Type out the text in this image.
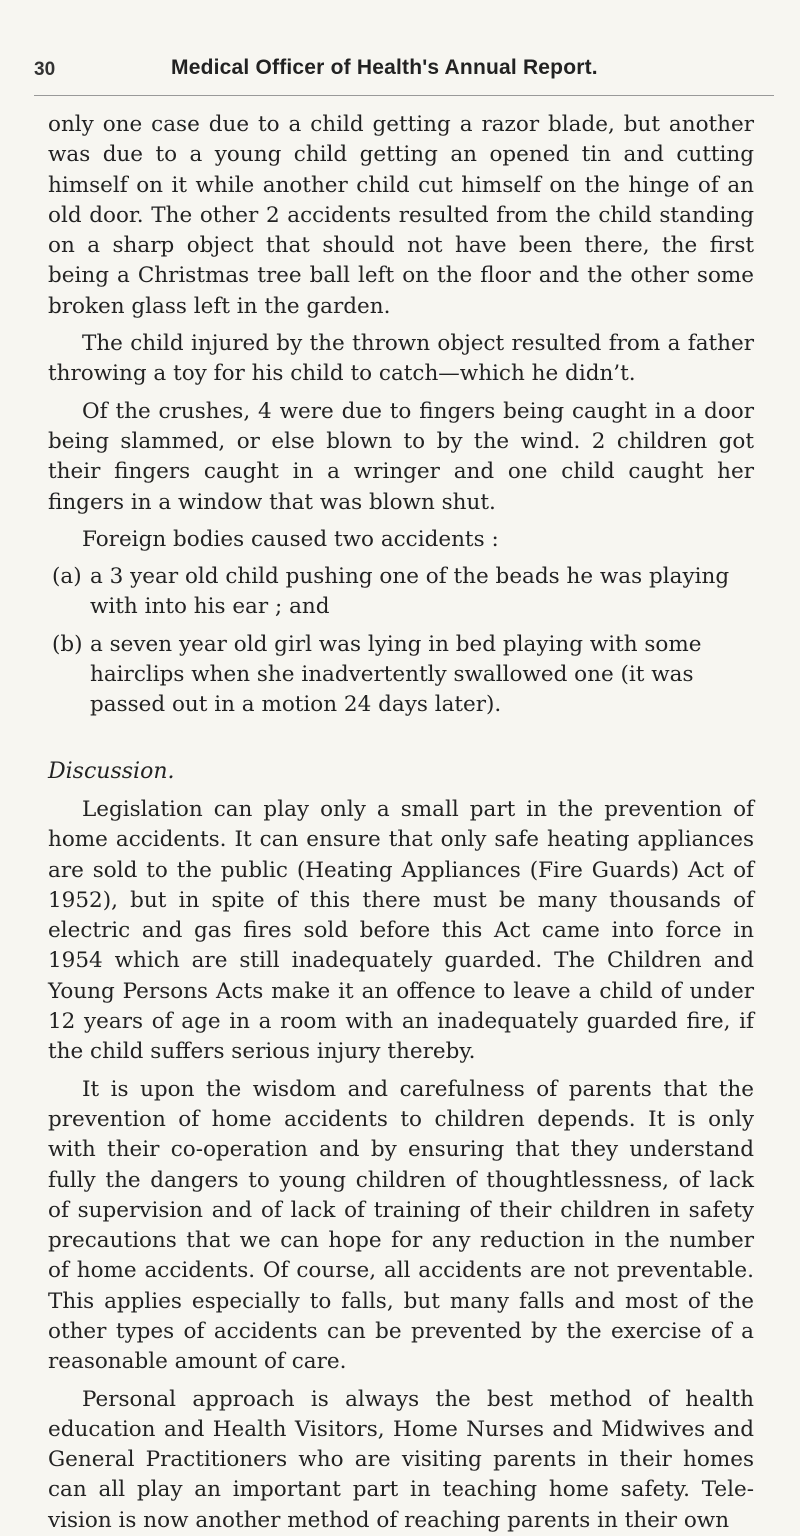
30	Medical Officer of Health's Annual Report.

only one case due to a child getting a razor blade, but another was due to a young child getting an opened tin and cutting himself on it while another child cut himself on the hinge of an old door. The other 2 accidents resulted from the child standing on a sharp object that should not have been there, the first being a Christmas tree ball left on the floor and the other some broken glass left in the garden.

The child injured by the thrown object resulted from a father throwing a toy for his child to catch—which he didn’t.

Of the crushes, 4 were due to fingers being caught in a door being slammed, or else blown to by the wind. 2 children got their fingers caught in a wringer and one child caught her fingers in a window that was blown shut.

Foreign bodies caused two accidents :

(a) a 3 year old child pushing one of the beads he was playing with into his ear ; and
(b) a seven year old girl was lying in bed playing with some hairclips when she inadvertently swallowed one (it was passed out in a motion 24 days later).
Discussion.

Legislation can play only a small part in the prevention of home accidents. It can ensure that only safe heating appliances are sold to the public (Heating Appliances (Fire Guards) Act of 1952), but in spite of this there must be many thousands of electric and gas fires sold before this Act came into force in 1954 which are still inadequately guarded. The Children and Young Persons Acts make it an offence to leave a child of under 12 years of age in a room with an inadequately guarded fire, if the child suffers serious injury thereby.

It is upon the wisdom and carefulness of parents that the prevention of home accidents to children depends. It is only with their co-operation and by ensuring that they understand fully the dangers to young children of thoughtlessness, of lack of supervision and of lack of training of their children in safety precautions that we can hope for any reduction in the number of home accidents. Of course, all accidents are not preventable. This applies especially to falls, but many falls and most of the other types of accidents can be prevented by the exercise of a reasonable amount of care.

Personal approach is always the best method of health education and Health Visitors, Home Nurses and Midwives and General Practitioners who are visiting parents in their homes can all play an important part in teaching home safety. Tele-vision is now another method of reaching parents in their own
